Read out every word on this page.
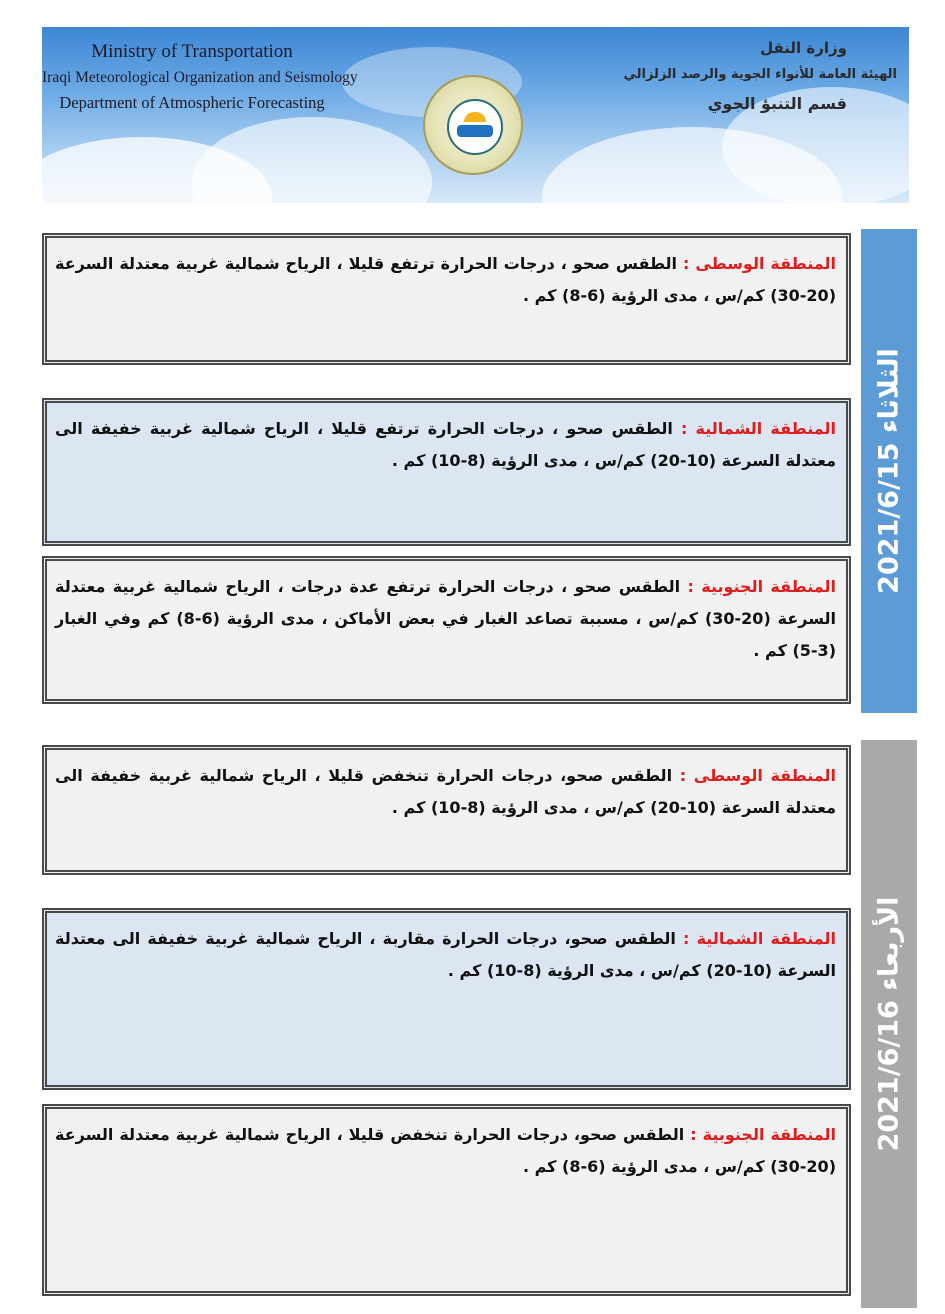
Ministry of Transportation
Iraqi Meteorological Organization and Seismology
Department of Atmospheric Forecasting
وزارة النقل
الهيئة العامة للأنواء الجوية والرصد الزلزالي
قسم التنبؤ الجوي
الثلاثاء 2021/6/15
المنطقة الوسطى : الطقس صحو ، درجات الحرارة ترتفع قليلا ، الرياح شمالية غربية معتدلة السرعة (20-30) كم/س ، مدى الرؤية (6-8) كم .
المنطقة الشمالية : الطقس صحو ، درجات الحرارة ترتفع قليلا ، الرياح شمالية غربية خفيفة الى معتدلة السرعة (10-20) كم/س ، مدى الرؤية (8-10) كم .
المنطقة الجنوبية : الطقس صحو ، درجات الحرارة ترتفع عدة درجات ، الرياح شمالية غربية معتدلة السرعة (20-30) كم/س ، مسببة تصاعد الغبار في بعض الأماكن ، مدى الرؤية (6-8) كم وفي الغبار (3-5) كم .
الأربعاء 2021/6/16
المنطقة الوسطى : الطقس صحو، درجات الحرارة تنخفض قليلا ، الرياح شمالية غربية خفيفة الى معتدلة السرعة (10-20) كم/س ، مدى الرؤية (8-10) كم .
المنطقة الشمالية : الطقس صحو، درجات الحرارة مقاربة ، الرياح شمالية غربية خفيفة الى معتدلة السرعة (10-20) كم/س ، مدى الرؤية (8-10) كم .
المنطقة الجنوبية : الطقس صحو، درجات الحرارة تنخفض قليلا ، الرياح شمالية غربية معتدلة السرعة (20-30) كم/س ، مدى الرؤية (6-8) كم .
